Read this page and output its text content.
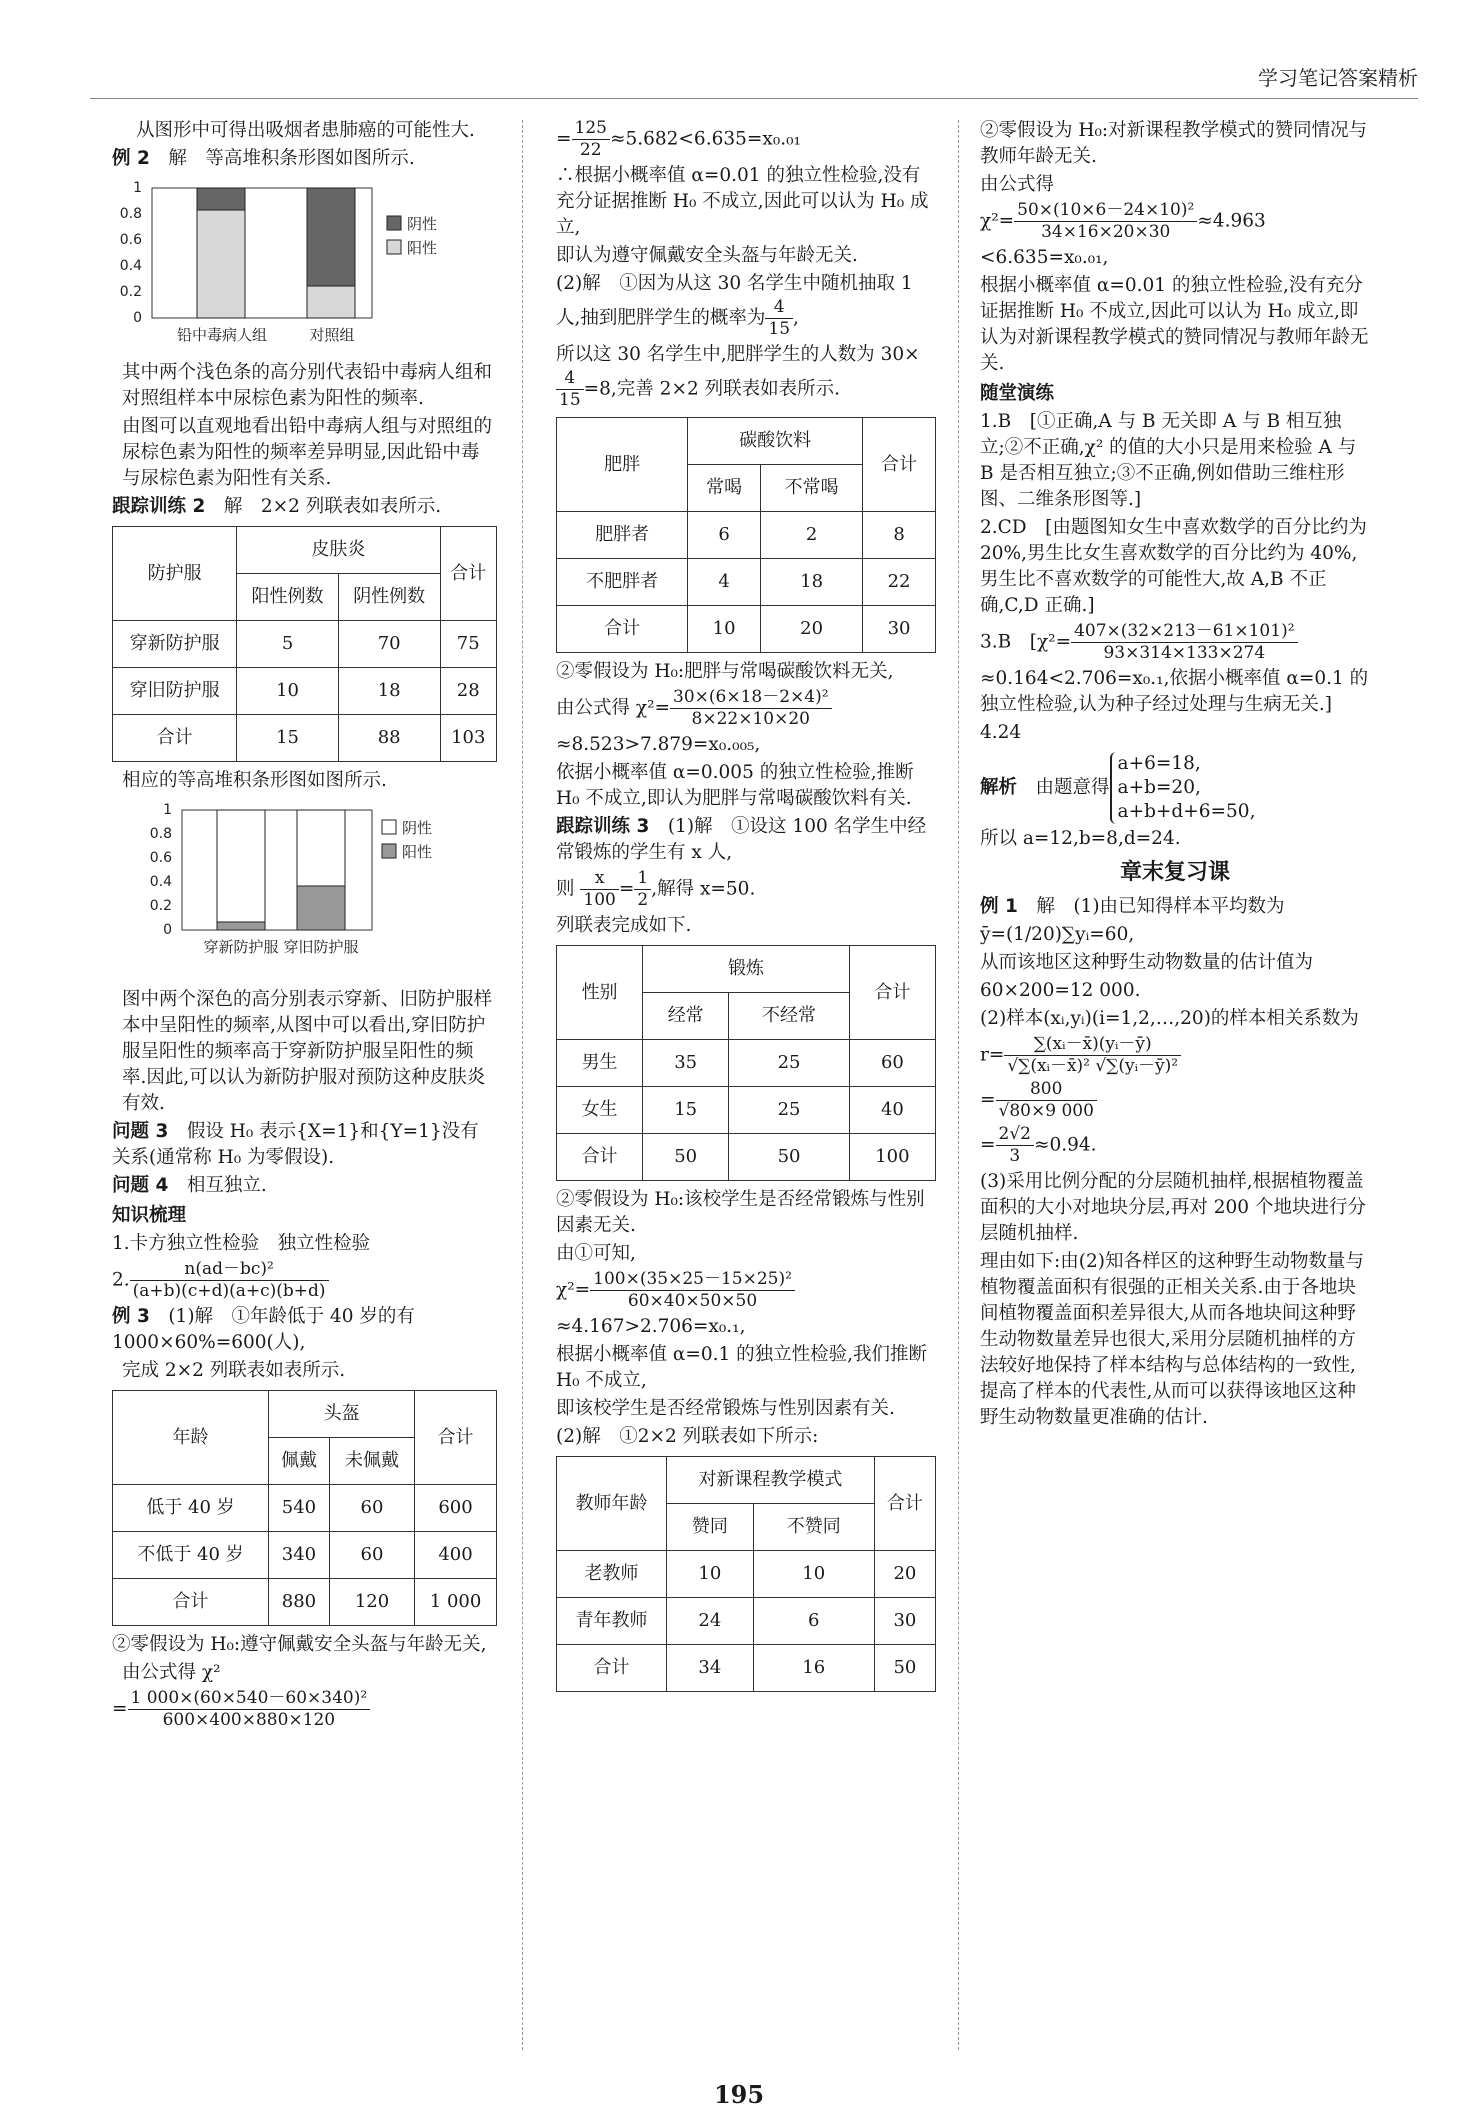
学习笔记答案精析

从图形中可得出吸烟者患肺癌的可能性大.

例 2　 解　等高堆积条形图如图所示.

1
0.8
0.6
0.4
0.2
0
铅中毒病人组	对照组
阴性
阳性

其中两个浅色条的高分别代表铅中毒病人组和对照组样本中尿棕色素为阳性的频率.

由图可以直观地看出铅中毒病人组与对照组的尿棕色素为阳性的频率差异明显,因此铅中毒与尿棕色素为阳性有关系.

跟踪训练 2　 解　2×2 列联表如表所示.

防护服	皮肤炎		合计
	阳性例数	阴性例数	
穿新防护服	5	70	75
穿旧防护服	10	18	28
合计	15	88	103

相应的等高堆积条形图如图所示.

1
0.8
0.6
0.4
0.2
0
穿新防护服 穿旧防护服
阴性
阳性

图中两个深色的高分别表示穿新、旧防护服样本中呈阳性的频率,从图中可以看出,穿旧防护服呈阳性的频率高于穿新防护服呈阳性的频率.因此,可以认为新防护服对预防这种皮肤炎有效.

问题 3　 假设 H₀ 表示{X=1}和{Y=1}没有关系(通常称 H₀ 为零假设).

问题 4　 相互独立.

知识梳理

1.卡方独立性检验　独立性检验

2. $\frac{\text{n(ad－bc)²}}{(a+b)(c+d)(a+c)(b+d)}$

例 3　 (1)解　①年龄低于 40 岁的有 1000×60%=600(人),

完成 2×2 列联表如表所示.

年龄	头盔		合计
	佩戴	未佩戴	
低于 40 岁	540	60	600
不低于 40 岁	340	60	400
合计	880	120	1 000

②零假设为 H₀:遵守佩戴安全头盔与年龄无关,

由公式得 χ²

= $\frac{\text{1 000×(60×540－60×340)²}}{600\times 400\times 880\times 120}$

= $\frac{125}{22} \approx 5.682<6.635=x_0._{01}$

∴根据小概率值 α=0.01 的独立性检验,没有充分证据推断 H₀ 不成立,因此可以认为 H₀ 成立,

即认为遵守佩戴安全头盔与年龄无关.

(2)解　①因为从这 30 名学生中随机抽取 1 人,抽到肥胖学生的概率为 $\frac{4}{15}$ ,

所以这 30 名学生中,肥胖学生的人数为 30×
$\frac{4}{15} =8$,完善 2×2 列联表如表所示.

肥胖	碳酸饮料		合计
	常喝	不常喝	
肥胖者	6	2	8
不肥胖者	4	18	22
合计	10	20	30

②零假设为 H₀:肥胖与常喝碳酸饮料无关,

由公式得 $\chi^2= \frac{\text{30×(6×18－2×4)²}}{8\times 22\times 10\times 20}$

≈8.523>7.879=x₀.₀₀₅,

依据小概率值 α=0.005 的独立性检验,推断 H₀ 不成立,即认为肥胖与常喝碳酸饮料有关.

跟踪训练 3　 (1)解　①设这 100 名学生中经常锻炼的学生有 x 人,

则 $\frac{x}{100} = \frac{1}{2}$ ,解得 x=50.

列联表完成如下.

性别	锻炼		合计
	经常	不经常	
男生	35	25	60
女生	15	25	40
合计	50	50	100

②零假设为 H₀:该校学生是否经常锻炼与性别因素无关.

由①可知,

$\chi^2= \frac{\text{100×(35×25－15×25)²}}{60\times 40\times 50\times 50}$

≈4.167>2.706=x₀.₁,

根据小概率值 α=0.1 的独立性检验,我们推断 H₀ 不成立,

即该校学生是否经常锻炼与性别因素有关.

(2)解　①2×2 列联表如下所示:

教师年龄	对新课程教学模式		合计
	赞同	不赞同	
老教师	10	10	20
青年教师	24	6	30
合计	34	16	50

②零假设为 H₀:对新课程教学模式的赞同情况与教师年龄无关.

由公式得

$\chi^2= \frac{\text{50×(10×6－24×10)²}}{34\times 16\times 20\times 30} \approx 4.963$

<6.635=x₀.₀₁,

根据小概率值 α=0.01 的独立性检验,没有充分证据推断 H₀ 不成立,因此可以认为 H₀ 成立,即认为对新课程教学模式的赞同情况与教师年龄无关.

随堂演练

1.B　[①正确,A 与 B 无关即 A 与 B 相互独立;②不正确,χ² 的值的大小只是用来检验 A 与 B 是否相互独立;③不正确,例如借助三维柱形图、二维条形图等.]

2.CD　[由题图知女生中喜欢数学的百分比约为 20%,男生比女生喜欢数学的百分比约为 40%,男生比不喜欢数学的可能性大,故 A,B 不正确,C,D 正确.]

3.B　[$\chi^2= \frac{\text{407×(32×213－61×101)²}}{93\times 314\times 133\times 274}$

≈0.164<2.706=x₀.₁,依据小概率值 α=0.1 的独立性检验,认为种子经过处理与生病无关.]

4.24

解析　 由题意得a+6=18,
a+b=20,
a+b+d+6=50,

所以 a=12,b=8,d=24.

章末复习课

例 1　 解　(1)由已知得样本平均数为

ȳ=(1/20)∑yᵢ=60,

从而该地区这种野生动物数量的估计值为

60×200=12 000.

(2)样本(xᵢ,yᵢ)(i=1,2,…,20)的样本相关系数为

$r= \frac{\text{∑(xᵢ－x̄)(yᵢ－ȳ)}}{\text{√∑(xᵢ－x̄)² √∑(yᵢ－ȳ)²}}$

= $\frac{800}{√80\times 9 000}$

= $\frac{2√2}{3} \approx 0.94$.

(3)采用比例分配的分层随机抽样,根据植物覆盖面积的大小对地块分层,再对 200 个地块进行分层随机抽样.

理由如下:由(2)知各样区的这种野生动物数量与植物覆盖面积有很强的正相关关系.由于各地块间植物覆盖面积差异很大,从而各地块间这种野生动物数量差异也很大,采用分层随机抽样的方法较好地保持了样本结构与总体结构的一致性,提高了样本的代表性,从而可以获得该地区这种野生动物数量更准确的估计.

195
